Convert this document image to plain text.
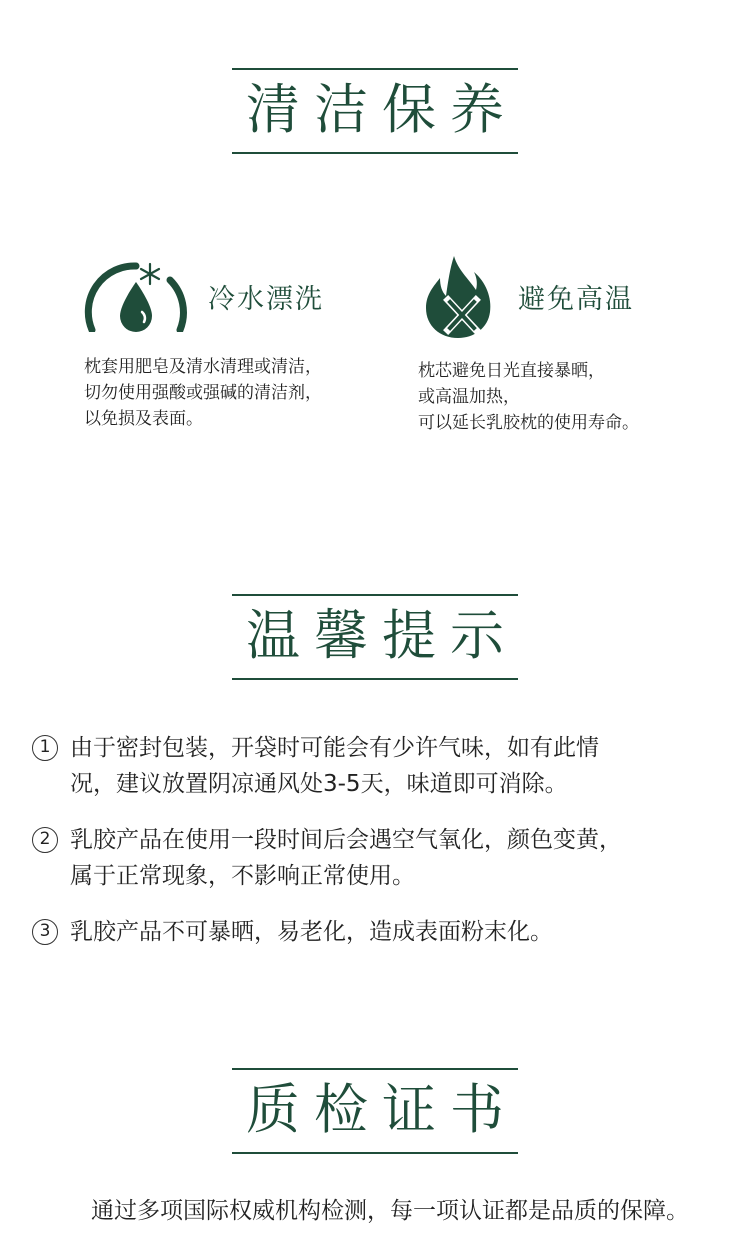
清洁保养
冷水漂洗
枕套用肥皂及清水清理或清洁，
切勿使用强酸或强碱的清洁剂，
以免损及表面。
避免高温
枕芯避免日光直接暴晒，
或高温加热，
可以延长乳胶枕的使用寿命。
温馨提示
1 由于密封包装，开袋时可能会有少许气味，如有此情
况，建议放置阴凉通风处3-5天，味道即可消除。
2 乳胶产品在使用一段时间后会遇空气氧化，颜色变黄，
属于正常现象，不影响正常使用。
3 乳胶产品不可暴晒，易老化，造成表面粉末化。
质检证书
通过多项国际权威机构检测，每一项认证都是品质的保障。
